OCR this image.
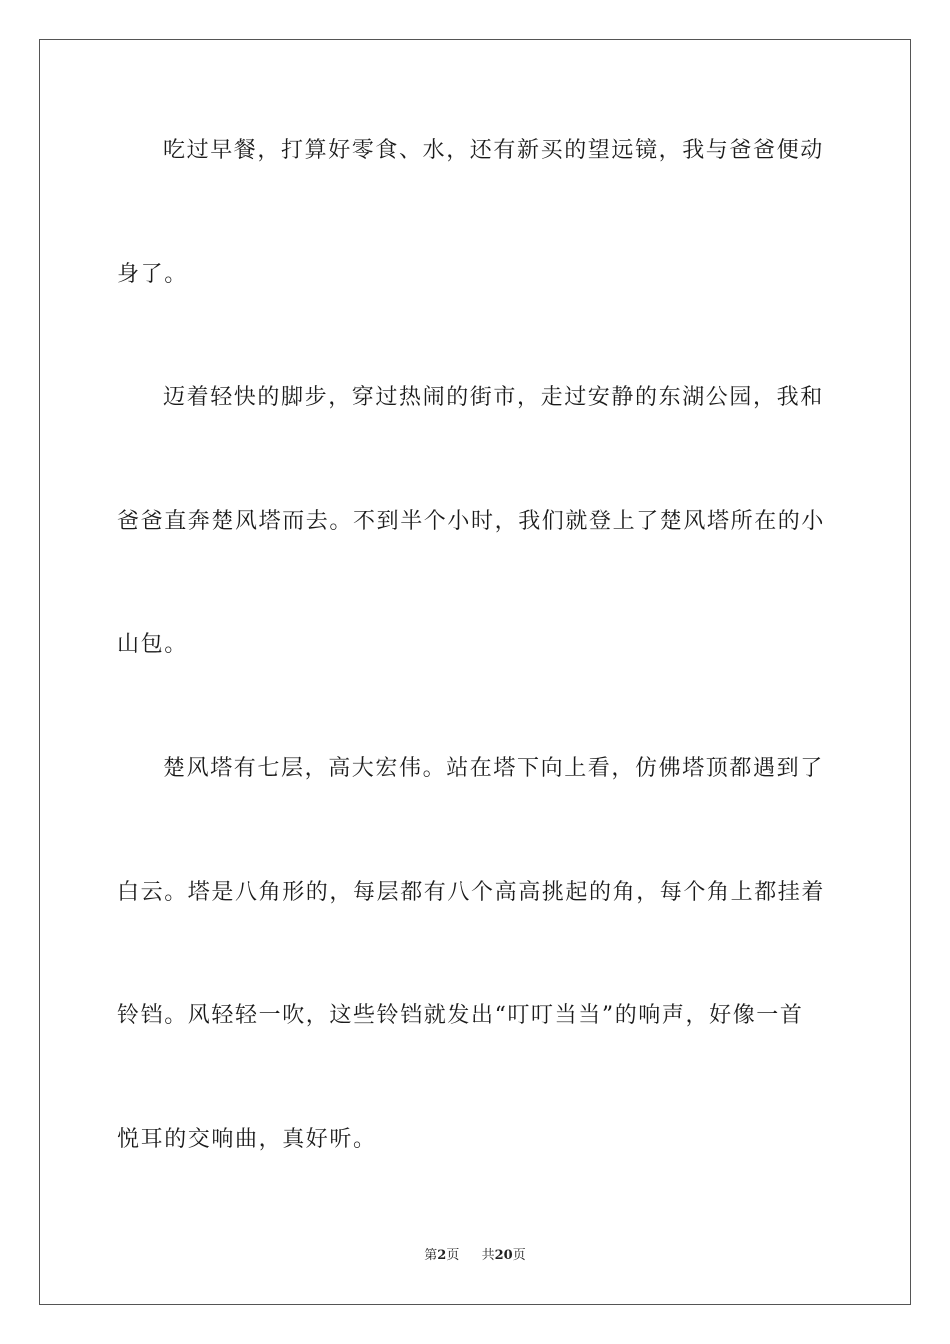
吃过早餐，打算好零食、水，还有新买的望远镜，我与爸爸便动
身了。
迈着轻快的脚步，穿过热闹的街市，走过安静的东湖公园，我和
爸爸直奔楚风塔而去。不到半个小时，我们就登上了楚风塔所在的小
山包。
楚风塔有七层，高大宏伟。站在塔下向上看，仿佛塔顶都遇到了
白云。塔是八角形的，每层都有八个高高挑起的角，每个角上都挂着
铃铛。风轻轻一吹，这些铃铛就发出“叮叮当当”的响声，好像一首
悦耳的交响曲，真好听。
第2页 共20页
